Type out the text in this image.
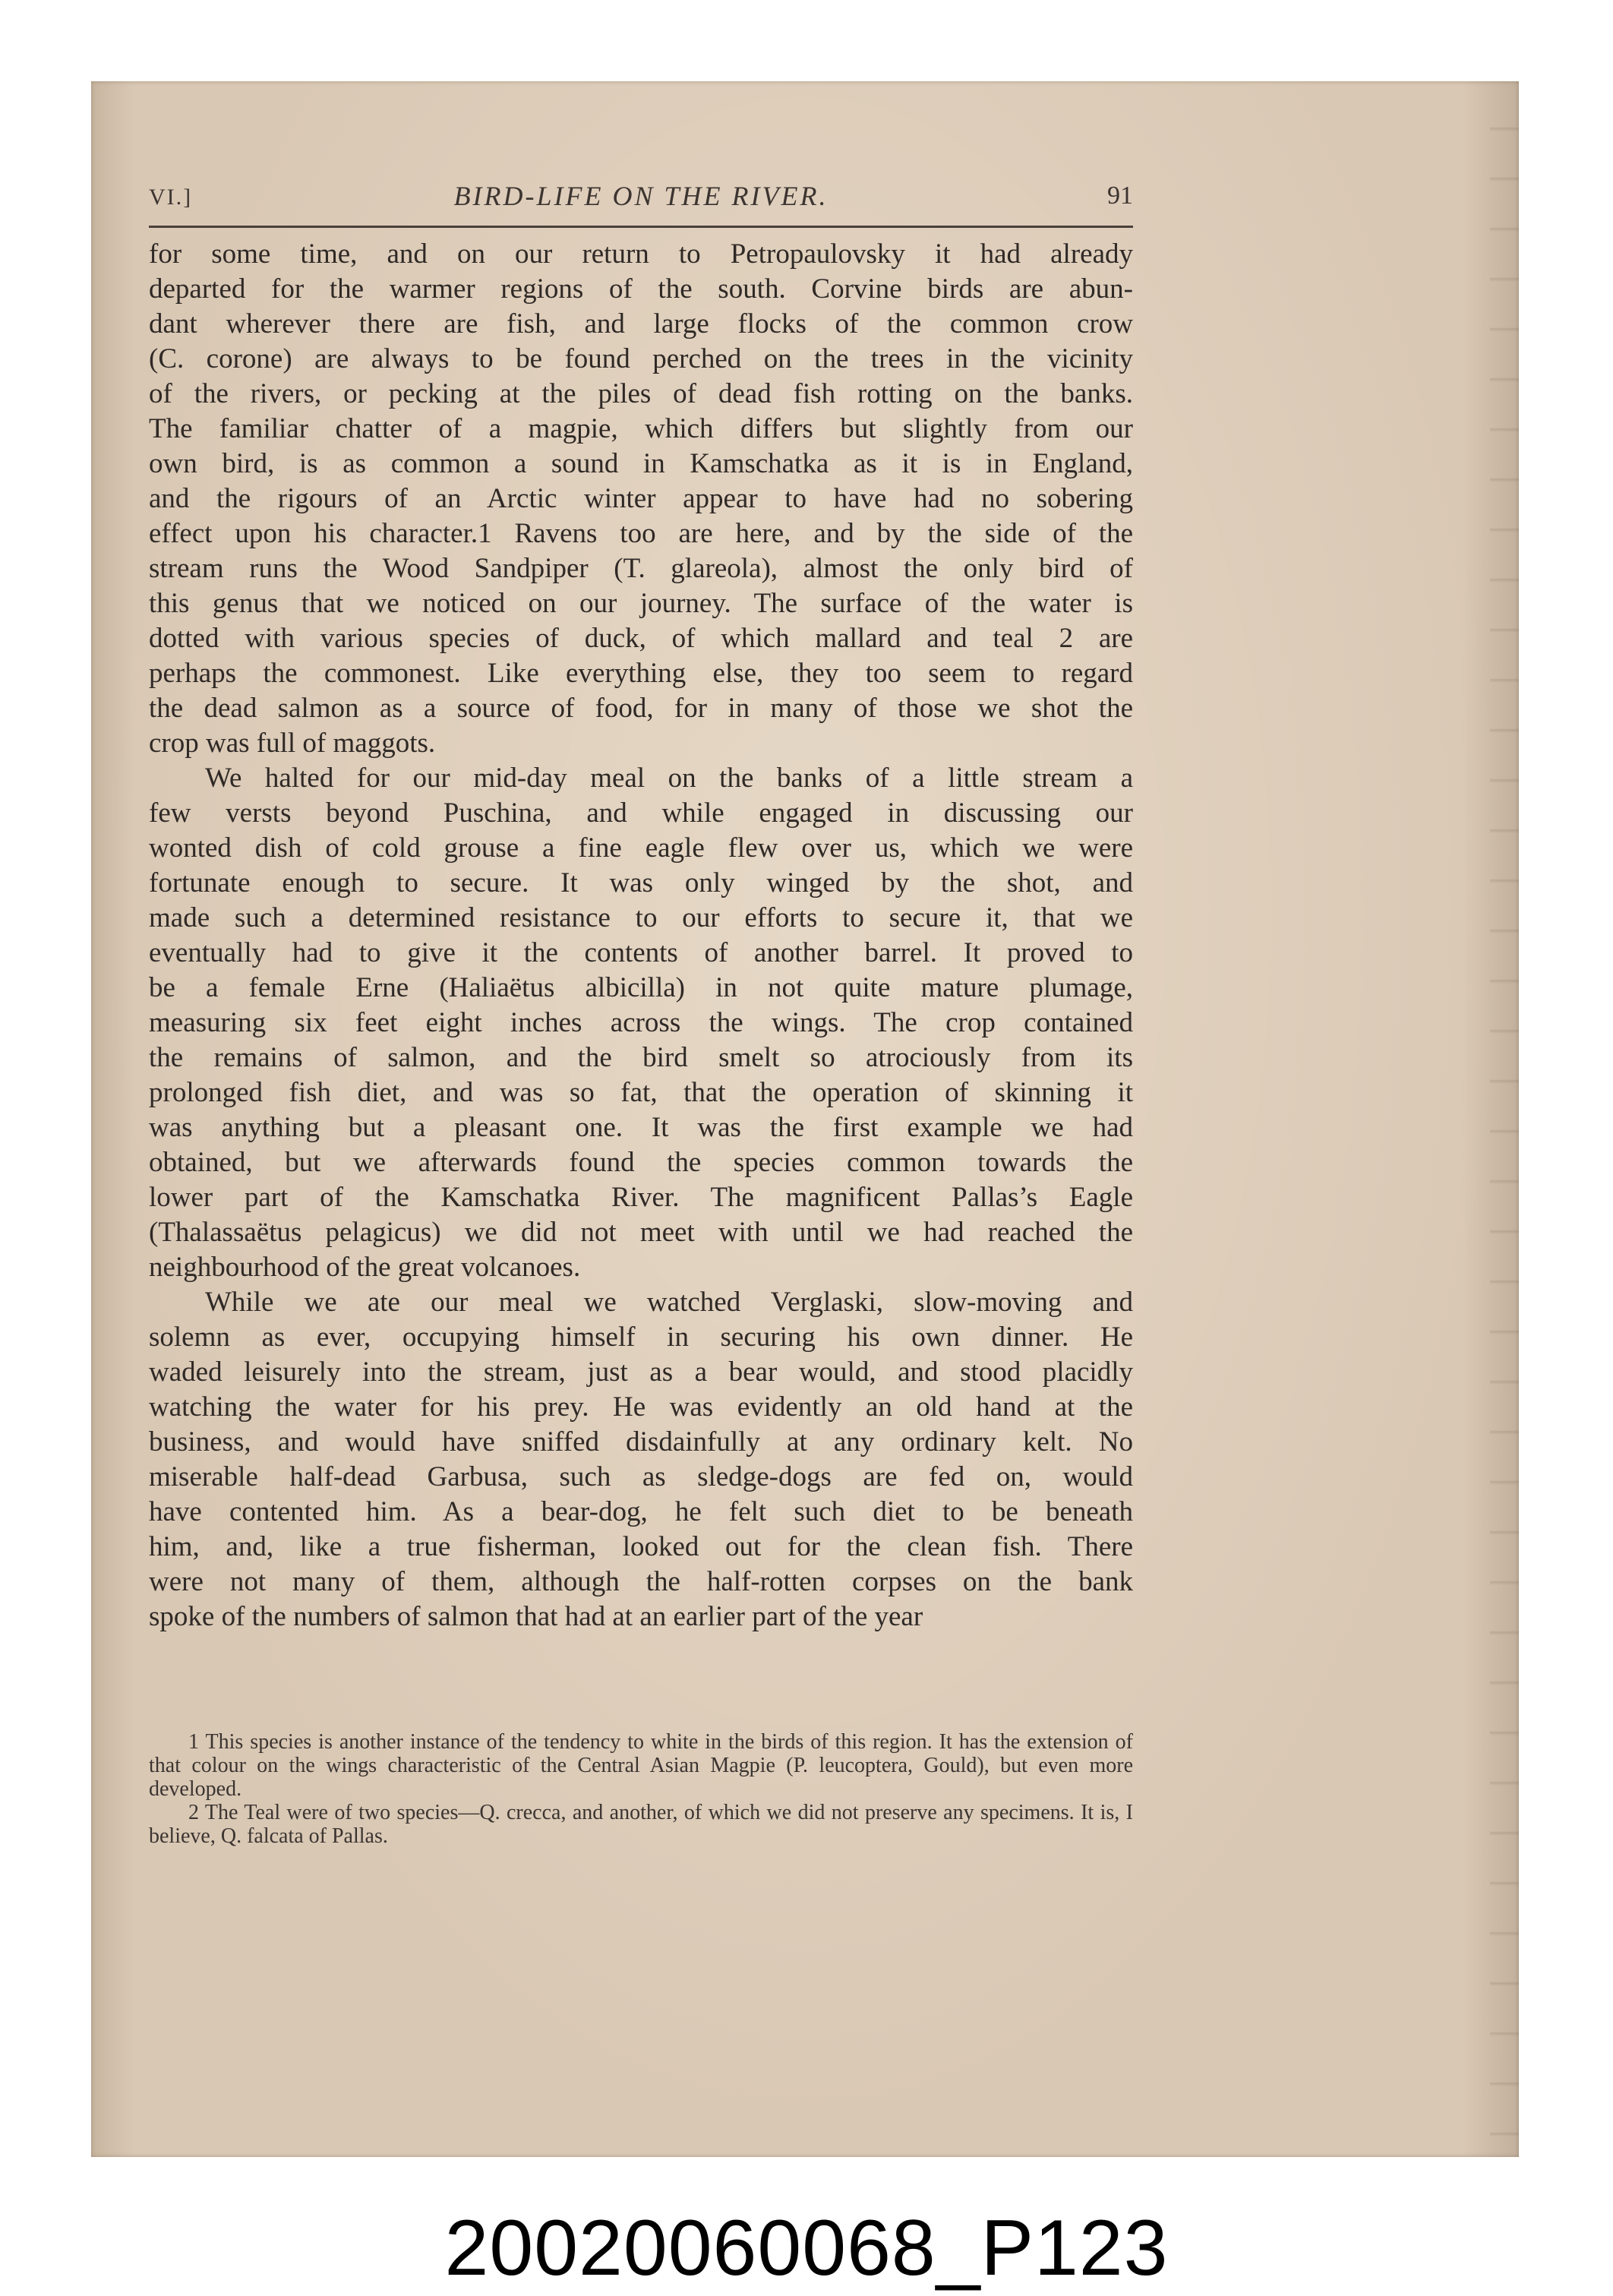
VI.]	BIRD-LIFE ON THE RIVER.	91

for some time, and on our return to Petropaulovsky it had already

departed for the warmer regions of the south. Corvine birds are abun-

dant wherever there are fish, and large flocks of the common crow

(C. corone) are always to be found perched on the trees in the vicinity

of the rivers, or pecking at the piles of dead fish rotting on the banks.

The familiar chatter of a magpie, which differs but slightly from our

own bird, is as common a sound in Kamschatka as it is in England,

and the rigours of an Arctic winter appear to have had no sobering

effect upon his character.1 Ravens too are here, and by the side of the

stream runs the Wood Sandpiper (T. glareola), almost the only bird of

this genus that we noticed on our journey. The surface of the water is

dotted with various species of duck, of which mallard and teal 2 are

perhaps the commonest. Like everything else, they too seem to regard

the dead salmon as a source of food, for in many of those we shot the

crop was full of maggots.

We halted for our mid-day meal on the banks of a little stream a

few versts beyond Puschina, and while engaged in discussing our

wonted dish of cold grouse a fine eagle flew over us, which we were

fortunate enough to secure. It was only winged by the shot, and

made such a determined resistance to our efforts to secure it, that we

eventually had to give it the contents of another barrel. It proved to

be a female Erne (Haliaëtus albicilla) in not quite mature plumage,

measuring six feet eight inches across the wings. The crop contained

the remains of salmon, and the bird smelt so atrociously from its

prolonged fish diet, and was so fat, that the operation of skinning it

was anything but a pleasant one. It was the first example we had

obtained, but we afterwards found the species common towards the

lower part of the Kamschatka River. The magnificent Pallas’s Eagle

(Thalassaëtus pelagicus) we did not meet with until we had reached the

neighbourhood of the great volcanoes.

While we ate our meal we watched Verglaski, slow-moving and

solemn as ever, occupying himself in securing his own dinner. He

waded leisurely into the stream, just as a bear would, and stood placidly

watching the water for his prey. He was evidently an old hand at the

business, and would have sniffed disdainfully at any ordinary kelt. No

miserable half-dead Garbusa, such as sledge-dogs are fed on, would

have contented him. As a bear-dog, he felt such diet to be beneath

him, and, like a true fisherman, looked out for the clean fish. There

were not many of them, although the half-rotten corpses on the bank

spoke of the numbers of salmon that had at an earlier part of the year

1 This species is another instance of the tendency to white in the birds of this region. It has the extension of that colour on the wings characteristic of the Central Asian Magpie (P. leucoptera, Gould), but even more developed.

2 The Teal were of two species—Q. crecca, and another, of which we did not preserve any specimens. It is, I believe, Q. falcata of Pallas.

20020060068_P123
